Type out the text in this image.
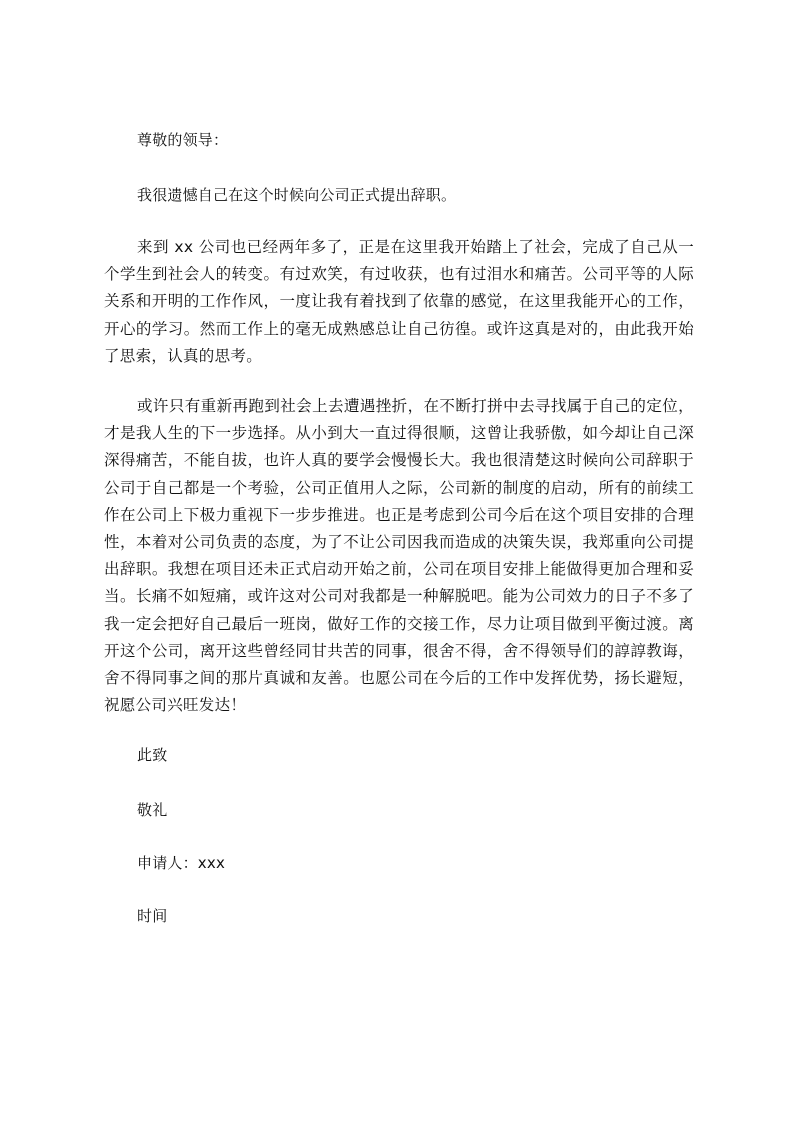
尊敬的领导：
我很遗憾自己在这个时候向公司正式提出辞职。
来到 xx 公司也已经两年多了，正是在这里我开始踏上了社会，完成了自己从一个学生到社会人的转变。有过欢笑，有过收获，也有过泪水和痛苦。公司平等的人际关系和开明的工作作风，一度让我有着找到了依靠的感觉，在这里我能开心的工作，开心的学习。然而工作上的毫无成熟感总让自己彷徨。或许这真是对的，由此我开始了思索，认真的思考。
或许只有重新再跑到社会上去遭遇挫折，在不断打拼中去寻找属于自己的定位，才是我人生的下一步选择。从小到大一直过得很顺，这曾让我骄傲，如今却让自己深深得痛苦，不能自拔，也许人真的要学会慢慢长大。我也很清楚这时候向公司辞职于公司于自己都是一个考验，公司正值用人之际，公司新的制度的启动，所有的前续工作在公司上下极力重视下一步步推进。也正是考虑到公司今后在这个项目安排的合理性，本着对公司负责的态度，为了不让公司因我而造成的决策失误，我郑重向公司提出辞职。我想在项目还未正式启动开始之前，公司在项目安排上能做得更加合理和妥当。长痛不如短痛，或许这对公司对我都是一种解脱吧。能为公司效力的日子不多了我一定会把好自己最后一班岗，做好工作的交接工作，尽力让项目做到平衡过渡。离开这个公司，离开这些曾经同甘共苦的同事，很舍不得，舍不得领导们的諄諄教诲，舍不得同事之间的那片真诚和友善。也愿公司在今后的工作中发挥优势，扬长避短，祝愿公司兴旺发达！
此致
敬礼
申请人：xxx
时间
